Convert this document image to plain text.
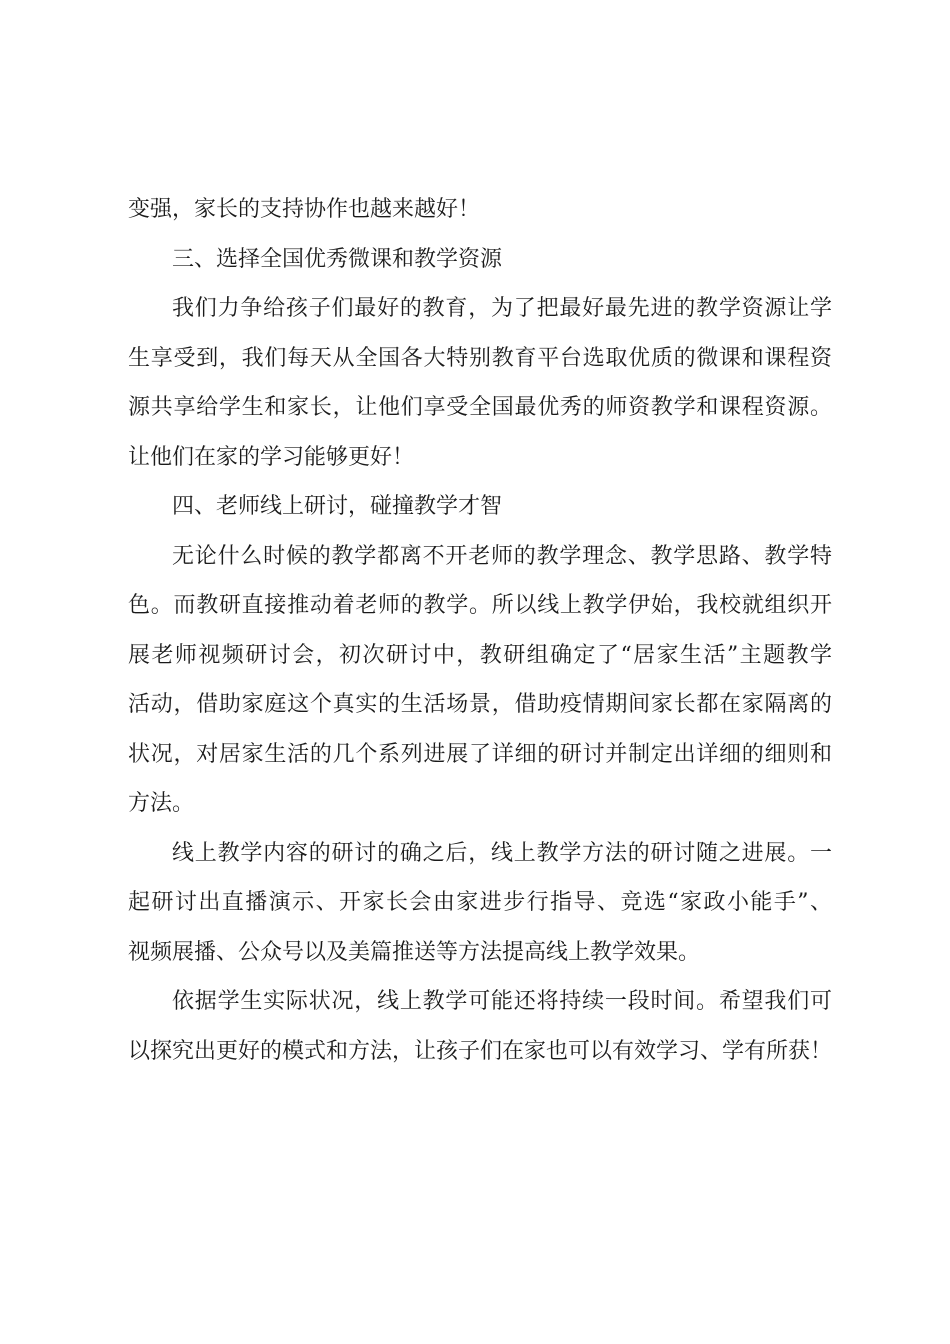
变强，家长的支持协作也越来越好！
三、选择全国优秀微课和教学资源
我们力争给孩子们最好的教育，为了把最好最先进的教学资源让学
生享受到，我们每天从全国各大特别教育平台选取优质的微课和课程资
源共享给学生和家长，让他们享受全国最优秀的师资教学和课程资源。
让他们在家的学习能够更好！
四、老师线上研讨，碰撞教学才智
无论什么时候的教学都离不开老师的教学理念、教学思路、教学特
色。而教研直接推动着老师的教学。所以线上教学伊始，我校就组织开
展老师视频研讨会，初次研讨中，教研组确定了“居家生活”主题教学
活动，借助家庭这个真实的生活场景，借助疫情期间家长都在家隔离的
状况，对居家生活的几个系列进展了详细的研讨并制定出详细的细则和
方法。
线上教学内容的研讨的确之后，线上教学方法的研讨随之进展。一
起研讨出直播演示、开家长会由家进步行指导、竞选“家政小能手”、
视频展播、公众号以及美篇推送等方法提高线上教学效果。
依据学生实际状况，线上教学可能还将持续一段时间。希望我们可
以探究出更好的模式和方法，让孩子们在家也可以有效学习、学有所获！
